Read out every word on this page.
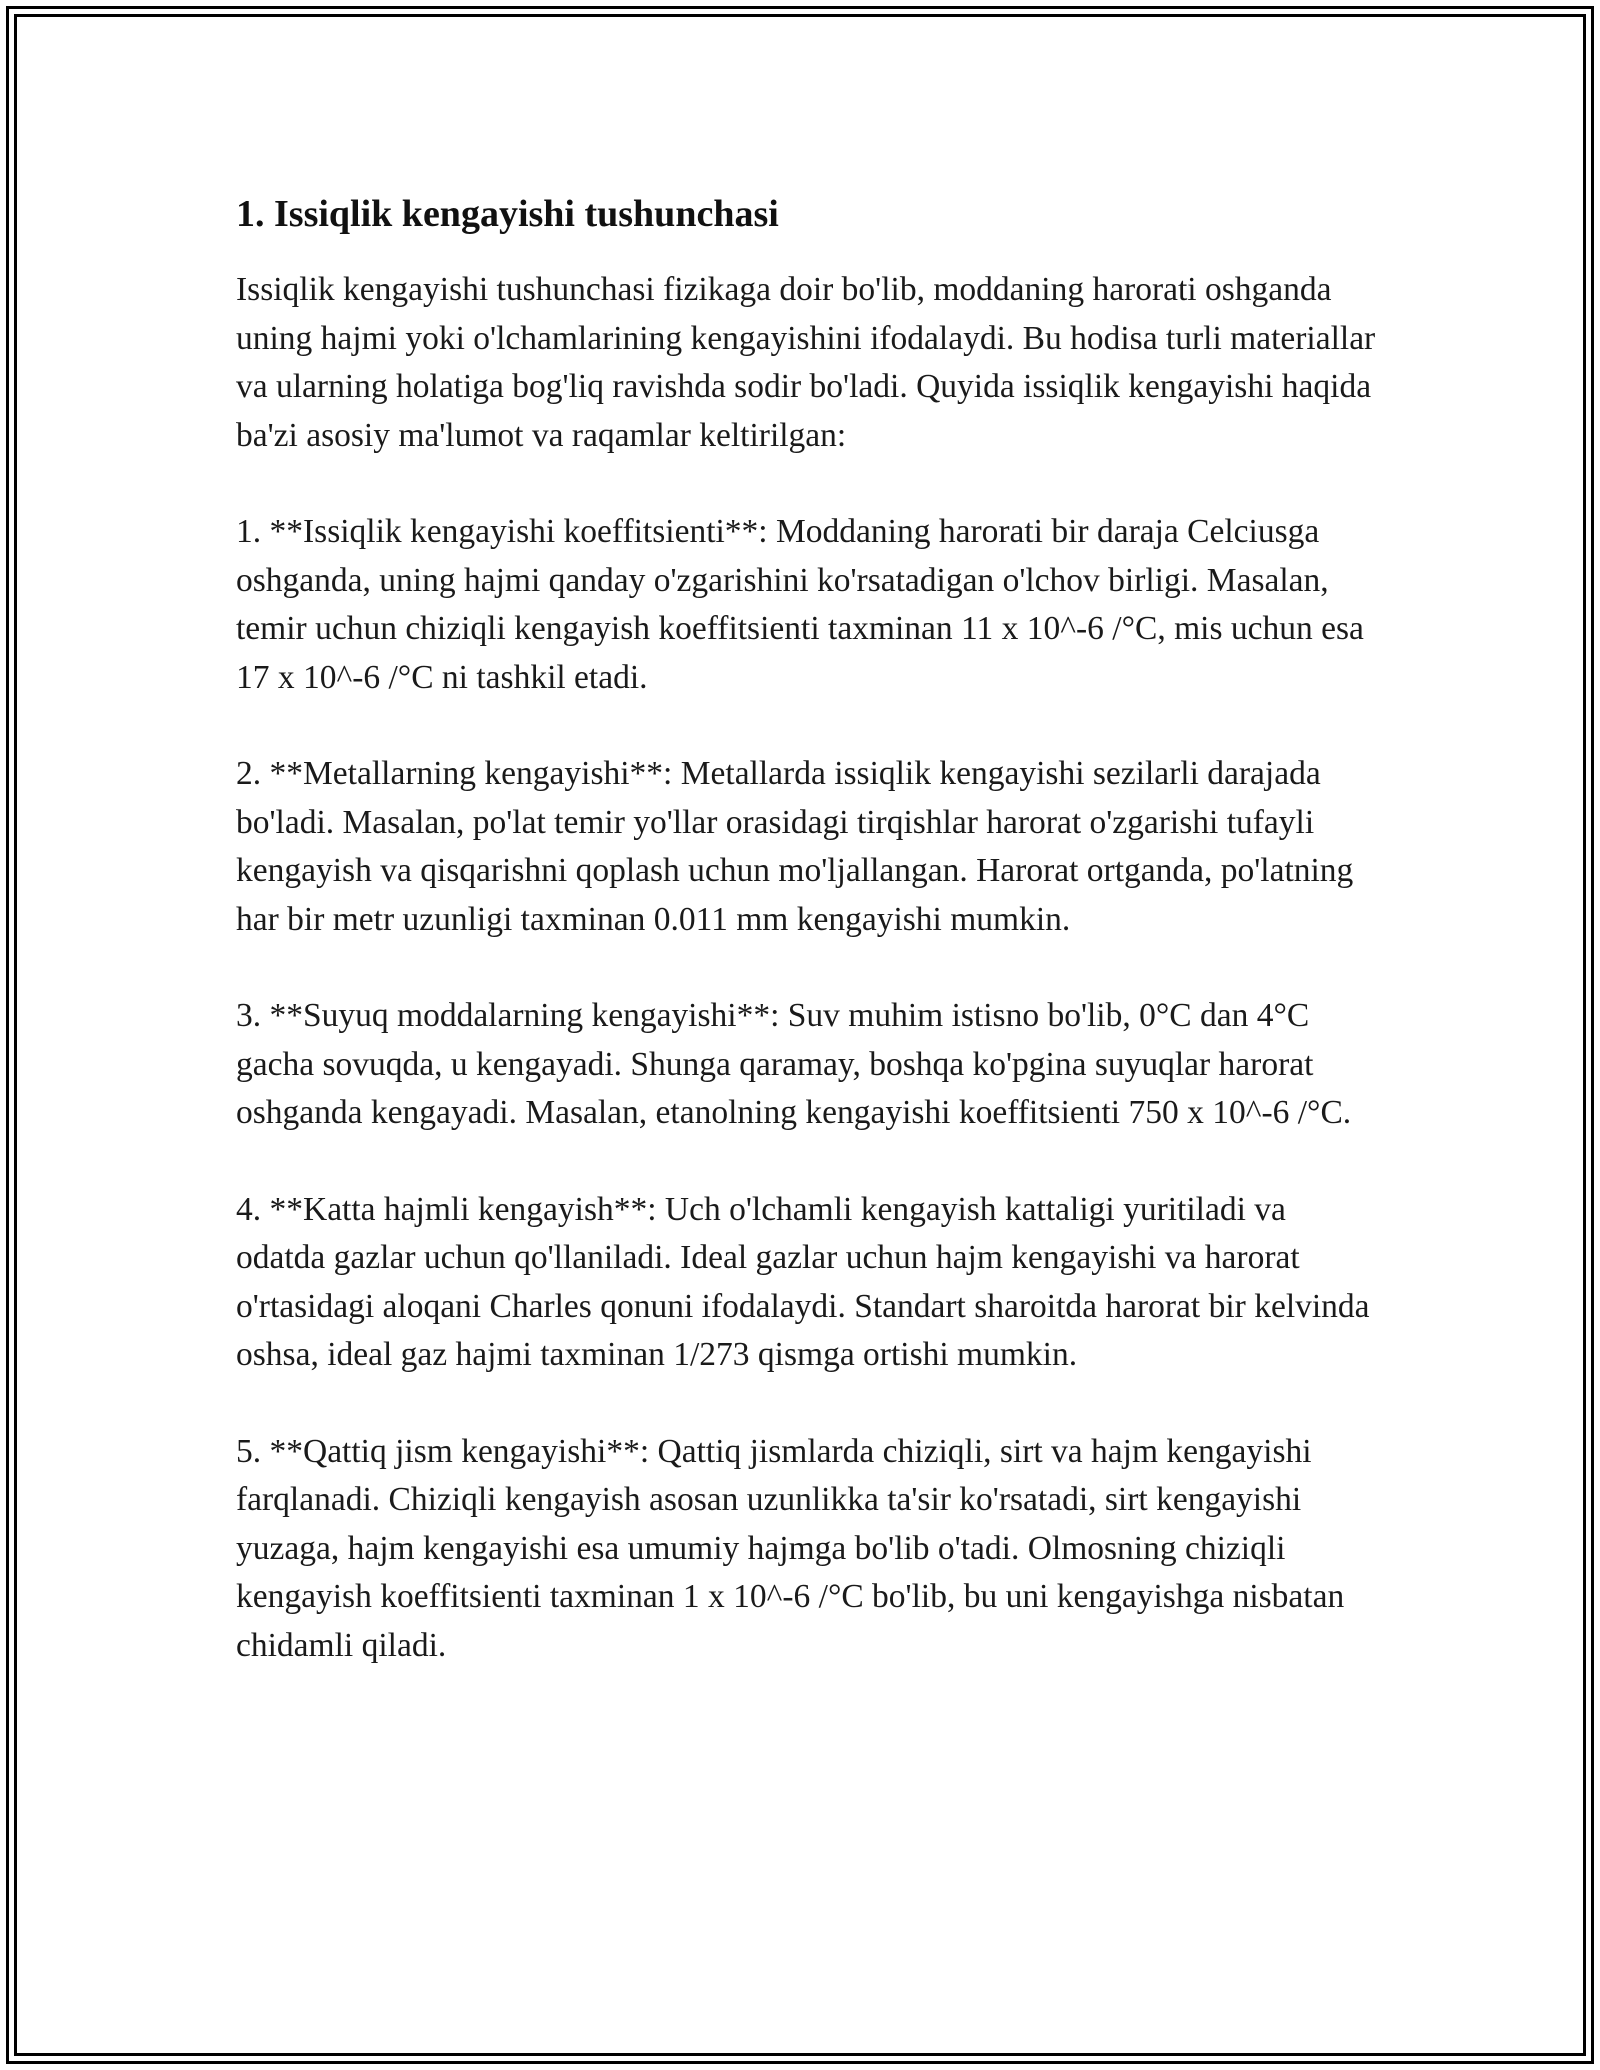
1. Issiqlik kengayishi tushunchasi

Issiqlik kengayishi tushunchasi fizikaga doir bo'lib, moddaning harorati oshganda uning hajmi yoki o'lchamlarining kengayishini ifodalaydi. Bu hodisa turli materiallar va ularning holatiga bog'liq ravishda sodir bo'ladi. Quyida issiqlik kengayishi haqida ba'zi asosiy ma'lumot va raqamlar keltirilgan:

1. **Issiqlik kengayishi koeffitsienti**: Moddaning harorati bir daraja Celciusga oshganda, uning hajmi qanday o'zgarishini ko'rsatadigan o'lchov birligi. Masalan, temir uchun chiziqli kengayish koeffitsienti taxminan 11 x 10^-6 /°C, mis uchun esa 17 x 10^-6 /°C ni tashkil etadi.

2. **Metallarning kengayishi**: Metallarda issiqlik kengayishi sezilarli darajada bo'ladi. Masalan, po'lat temir yo'llar orasidagi tirqishlar harorat o'zgarishi tufayli kengayish va qisqarishni qoplash uchun mo'ljallangan. Harorat ortganda, po'latning har bir metr uzunligi taxminan 0.011 mm kengayishi mumkin.

3. **Suyuq moddalarning kengayishi**: Suv muhim istisno bo'lib, 0°C dan 4°C gacha sovuqda, u kengayadi. Shunga qaramay, boshqa ko'pgina suyuqlar harorat oshganda kengayadi. Masalan, etanolning kengayishi koeffitsienti 750 x 10^-6 /°C.

4. **Katta hajmli kengayish**: Uch o'lchamli kengayish kattaligi yuritiladi va odatda gazlar uchun qo'llaniladi. Ideal gazlar uchun hajm kengayishi va harorat o'rtasidagi aloqani Charles qonuni ifodalaydi. Standart sharoitda harorat bir kelvinda oshsa, ideal gaz hajmi taxminan 1/273 qismga ortishi mumkin.

5. **Qattiq jism kengayishi**: Qattiq jismlarda chiziqli, sirt va hajm kengayishi farqlanadi. Chiziqli kengayish asosan uzunlikka ta'sir ko'rsatadi, sirt kengayishi yuzaga, hajm kengayishi esa umumiy hajmga bo'lib o'tadi. Olmosning chiziqli kengayish koeffitsienti taxminan 1 x 10^-6 /°C bo'lib, bu uni kengayishga nisbatan chidamli qiladi.
